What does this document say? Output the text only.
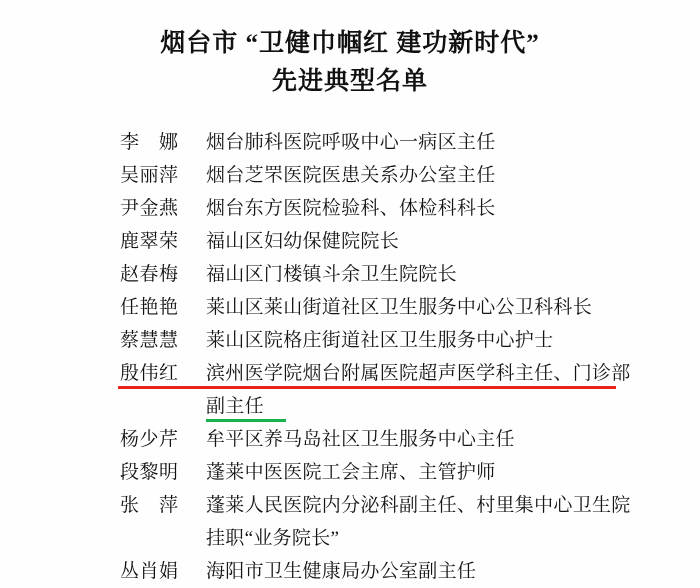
烟台市 “卫健巾帼红 建功新时代”
先进典型名单
李　娜	烟台肺科医院呼吸中心一病区主任
吴丽萍	烟台芝罘医院医患关系办公室主任
尹金燕	烟台东方医院检验科、体检科科长
鹿翠荣	福山区妇幼保健院院长
赵春梅	福山区门楼镇斗余卫生院院长
任艳艳	莱山区莱山街道社区卫生服务中心公卫科科长
蔡慧慧	莱山区院格庄街道社区卫生服务中心护士
殷伟红	滨州医学院烟台附属医院超声医学科主任、门诊部
副主任
杨少芹	牟平区养马岛社区卫生服务中心主任
段黎明	蓬莱中医医院工会主席、主管护师
张　萍	蓬莱人民医院内分泌科副主任、村里集中心卫生院
挂职“业务院长”
丛肖娟	海阳市卫生健康局办公室副主任
